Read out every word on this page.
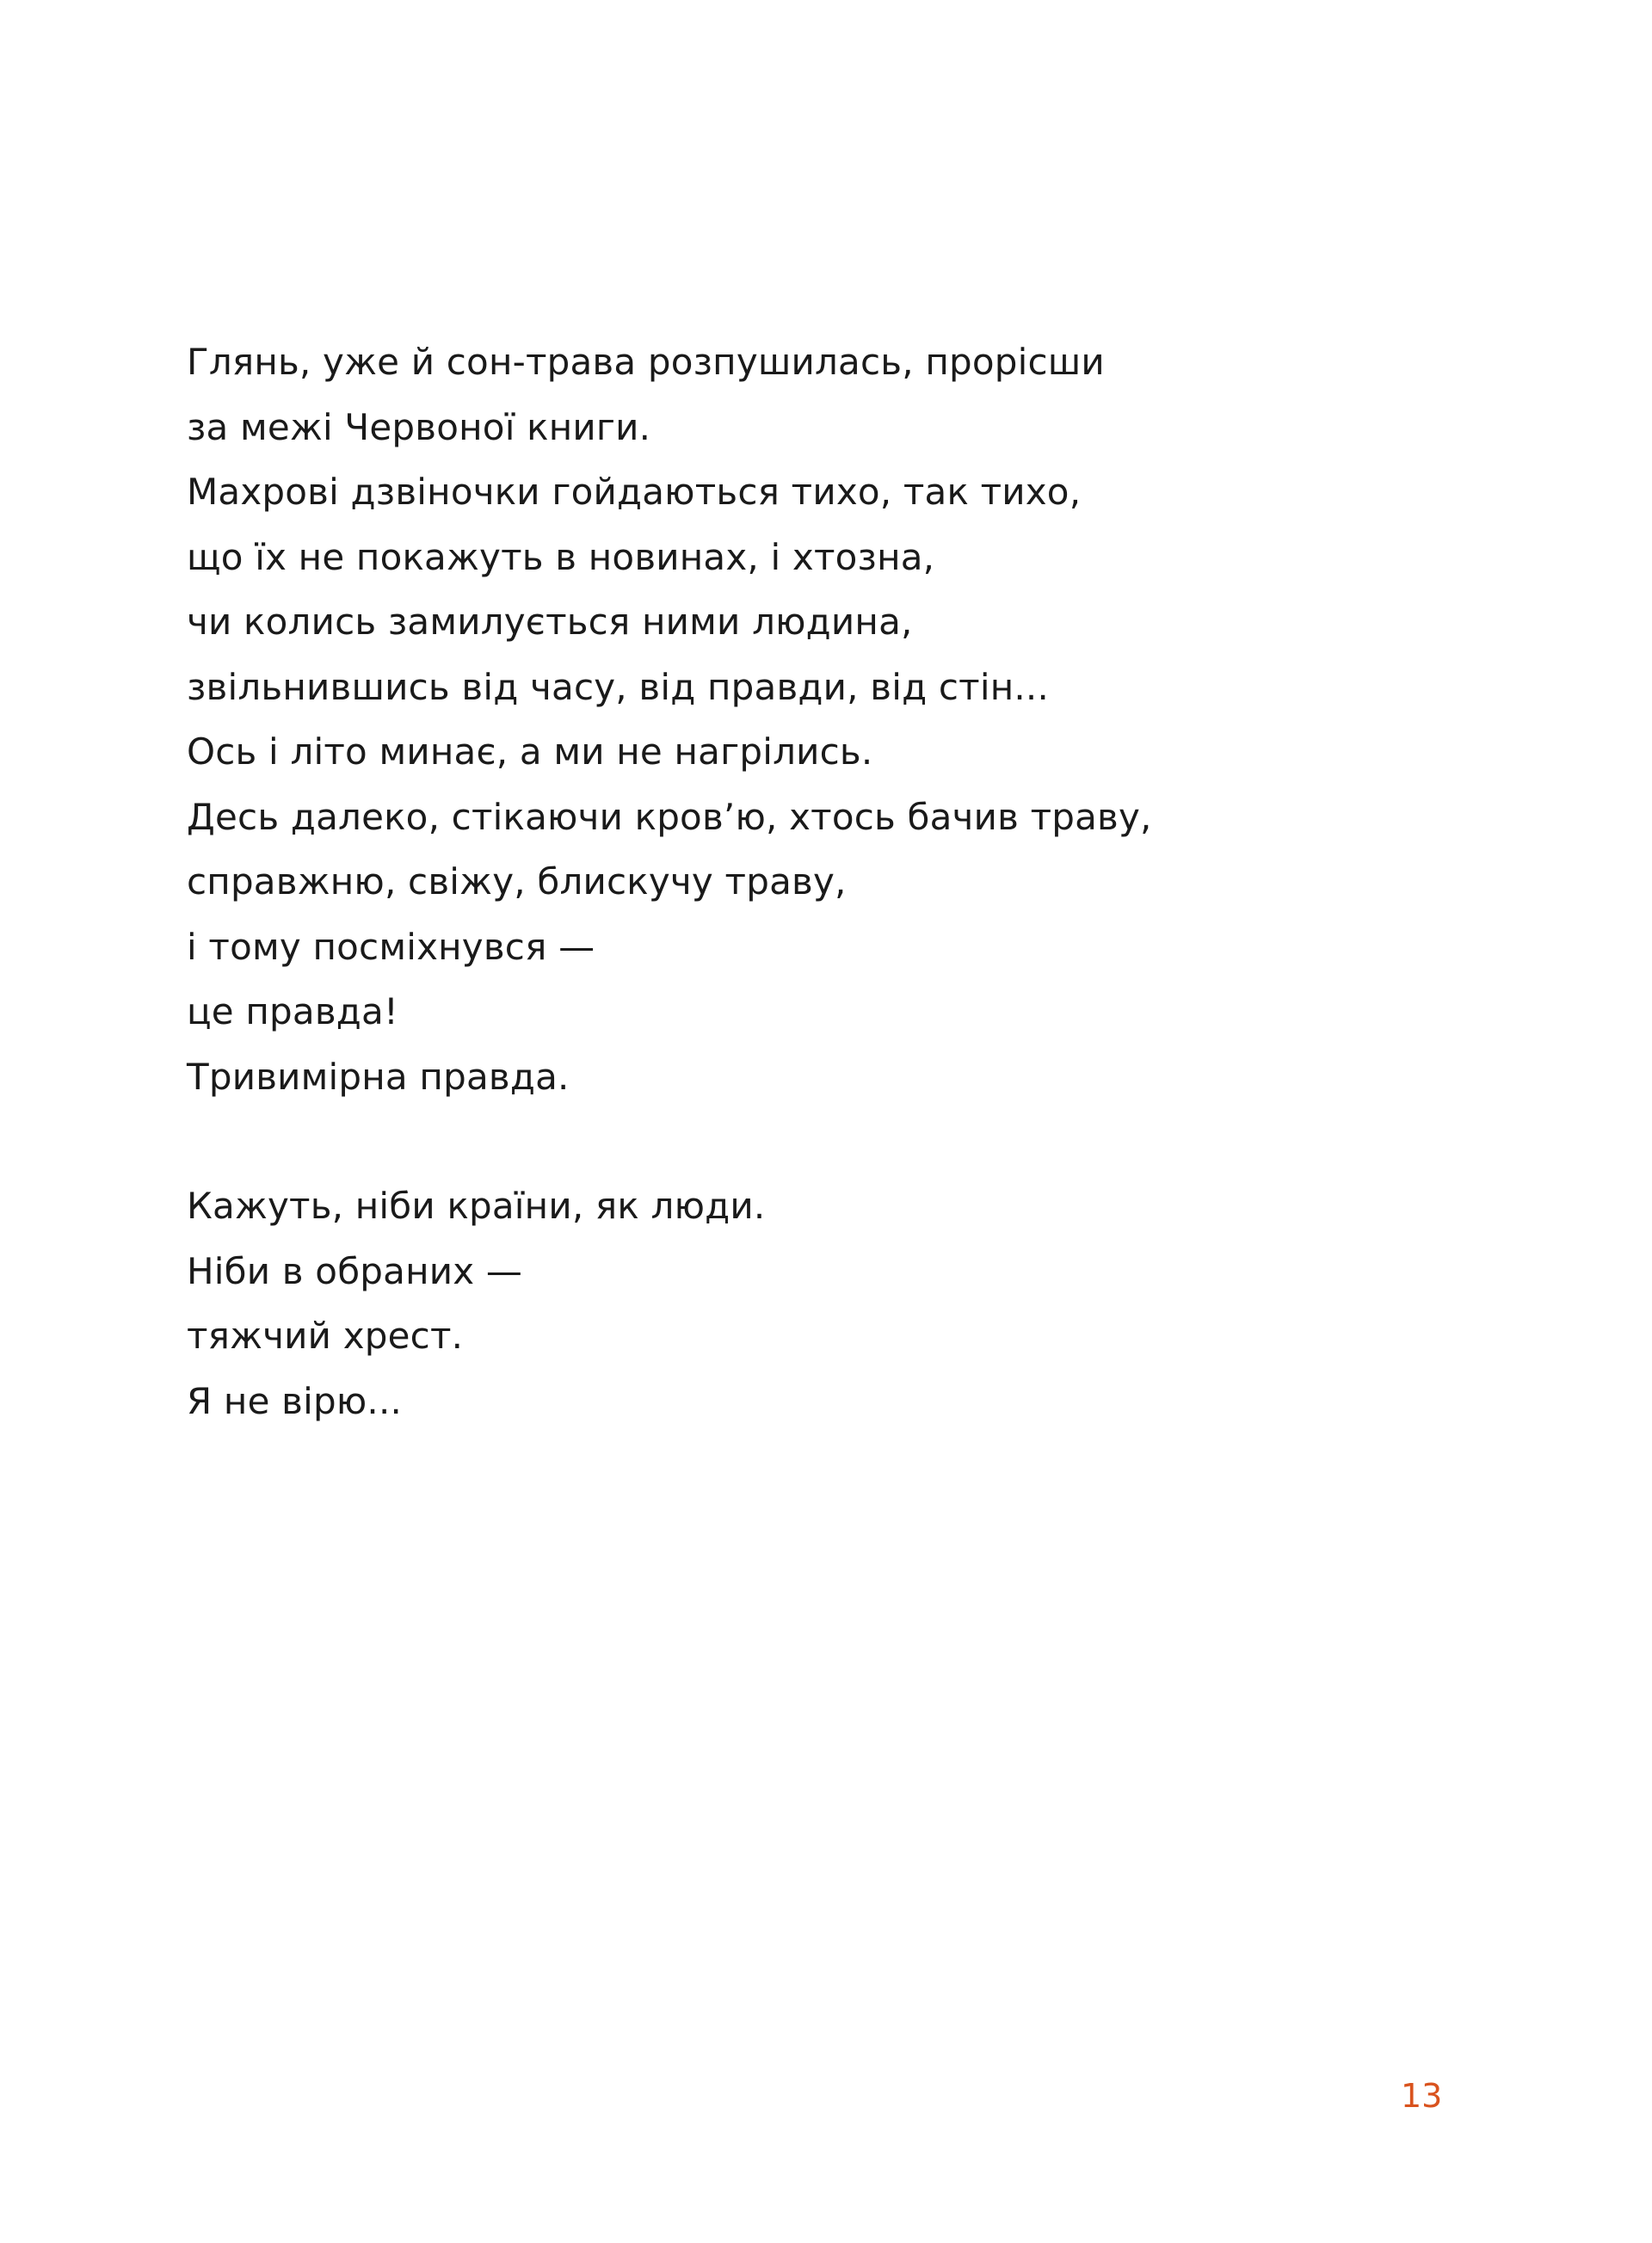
Глянь, уже й сон-трава розпушилась, прорісши
за межі Червоної книги.
Махрові дзвіночки гойдаються тихо, так тихо,
що їх не покажуть в новинах, і хтозна,
чи колись замилується ними людина,
звільнившись від часу, від правди, від стін...
Ось і літо минає, а ми не нагрілись.
Десь далеко, стікаючи кров’ю, хтось бачив траву,
справжню, свіжу, блискучу траву,
і тому посміхнувся —
це правда!
Тривимірна правда.
Кажуть, ніби країни, як люди.
Ніби в обраних —
тяжчий хрест.
Я не вірю...
13
